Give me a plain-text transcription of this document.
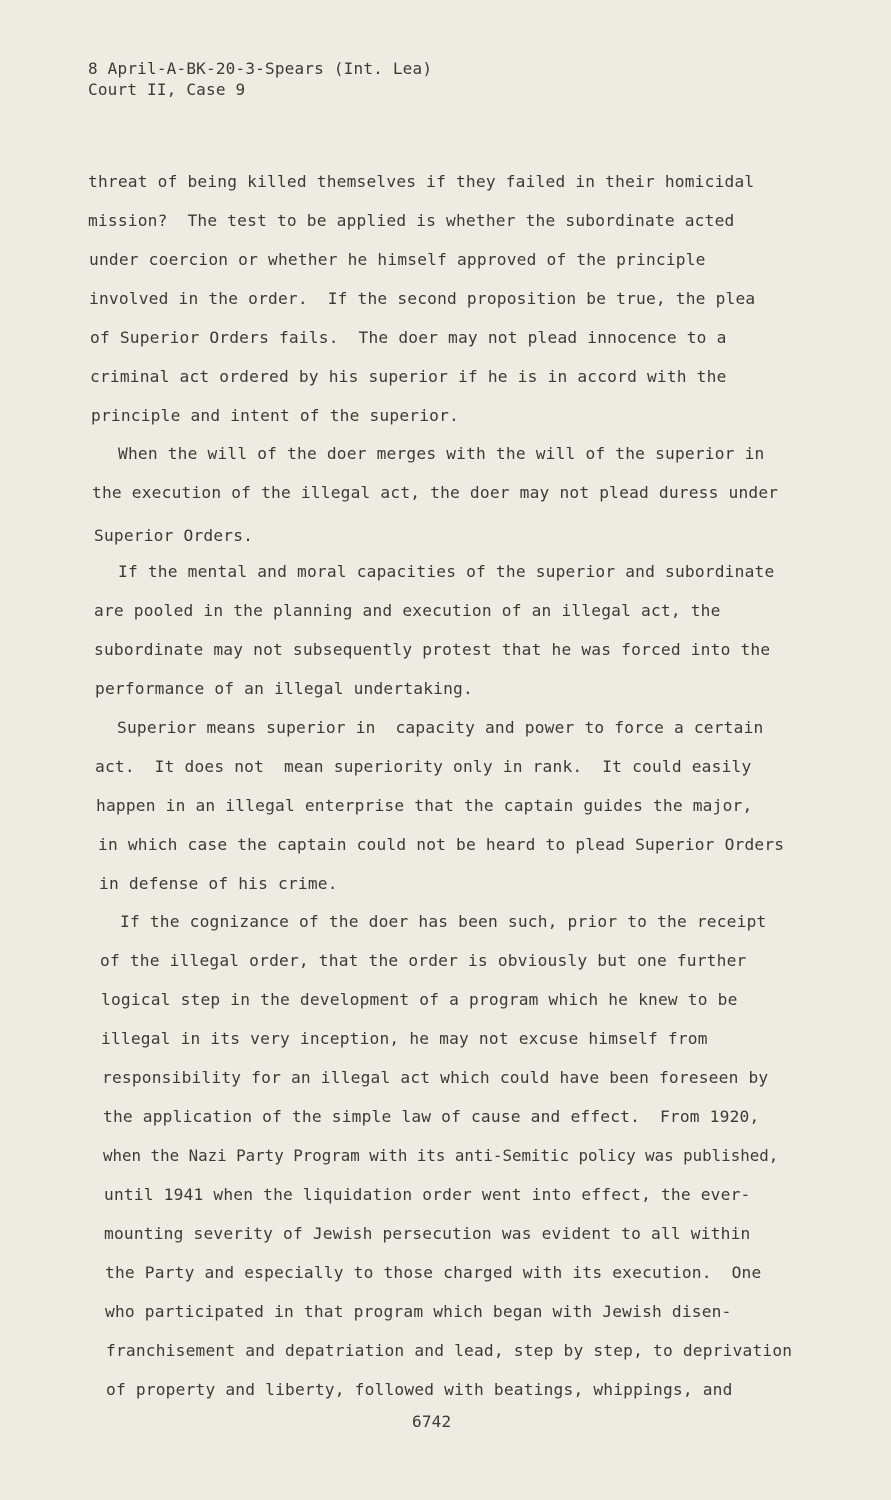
8 April-A-BK-20-3-Spears (Int. Lea)
Court II, Case 9
threat of being killed themselves if they failed in their homicidal
mission?  The test to be applied is whether the subordinate acted
under coercion or whether he himself approved of the principle
involved in the order.  If the second proposition be true, the plea
of Superior Orders fails.  The doer may not plead innocence to a
criminal act ordered by his superior if he is in accord with the
principle and intent of the superior.
When the will of the doer merges with the will of the superior in
the execution of the illegal act, the doer may not plead duress under
Superior Orders.
If the mental and moral capacities of the superior and subordinate
are pooled in the planning and execution of an illegal act, the
subordinate may not subsequently protest that he was forced into the
performance of an illegal undertaking.
Superior means superior in  capacity and power to force a certain
act.  It does not  mean superiority only in rank.  It could easily
happen in an illegal enterprise that the captain guides the major,
in which case the captain could not be heard to plead Superior Orders
in defense of his crime.
If the cognizance of the doer has been such, prior to the receipt
of the illegal order, that the order is obviously but one further
logical step in the development of a program which he knew to be
illegal in its very inception, he may not excuse himself from
responsibility for an illegal act which could have been foreseen by
the application of the simple law of cause and effect.  From 1920,
when the Nazi Party Program with its anti-Semitic policy was published,
until 1941 when the liquidation order went into effect, the ever-
mounting severity of Jewish persecution was evident to all within
the Party and especially to those charged with its execution.  One
who participated in that program which began with Jewish disen-
franchisement and depatriation and lead, step by step, to deprivation
of property and liberty, followed with beatings, whippings, and
6742
